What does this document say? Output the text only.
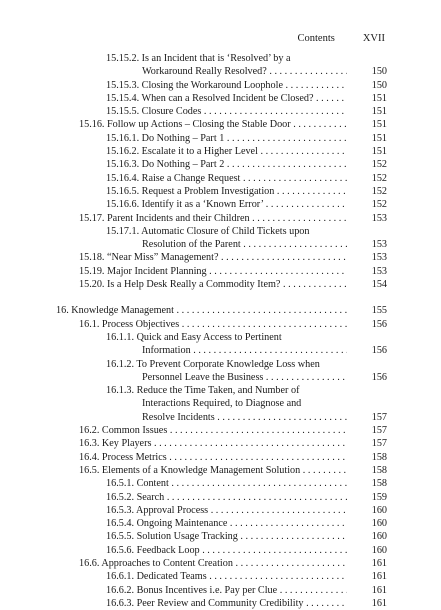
Contents	XVII
15.15.2. Is an Incident that is ‘Resolved’ by a
Workaround Really Resolved? . . .	150
15.15.3. Closing the Workaround Loophole . . .	150
15.15.4. When can a Resolved Incident be Closed? . . .	151
15.15.5. Closure Codes . . .	151
15.16. Follow up Actions – Closing the Stable Door . . .	151
15.16.1. Do Nothing – Part 1 . . .	151
15.16.2. Escalate it to a Higher Level . . .	151
15.16.3. Do Nothing – Part 2 . . .	152
15.16.4. Raise a Change Request . . .	152
15.16.5. Request a Problem Investigation . . .	152
15.16.6. Identify it as a ‘Known Error’ . . .	152
15.17. Parent Incidents and their Children . . .	153
15.17.1. Automatic Closure of Child Tickets upon
Resolution of the Parent . . .	153
15.18. “Near Miss” Management? . . .	153
15.19. Major Incident Planning . . .	153
15.20. Is a Help Desk Really a Commodity Item? . . .	154
16. Knowledge Management . . .	155
16.1. Process Objectives . . .	156
16.1.1. Quick and Easy Access to Pertinent
Information . . .	156
16.1.2. To Prevent Corporate Knowledge Loss when
Personnel Leave the Business . . .	156
16.1.3. Reduce the Time Taken, and Number of
Interactions Required, to Diagnose and
Resolve Incidents . . .	157
16.2. Common Issues . . .	157
16.3. Key Players . . .	157
16.4. Process Metrics . . .	158
16.5. Elements of a Knowledge Management Solution . . .	158
16.5.1. Content . . .	158
16.5.2. Search . . .	159
16.5.3. Approval Process . . .	160
16.5.4. Ongoing Maintenance . . .	160
16.5.5. Solution Usage Tracking . . .	160
16.5.6. Feedback Loop . . .	160
16.6. Approaches to Content Creation . . .	161
16.6.1. Dedicated Teams . . .	161
16.6.2. Bonus Incentives i.e. Pay per Clue . . .	161
16.6.3. Peer Review and Community Credibility . . .	161
